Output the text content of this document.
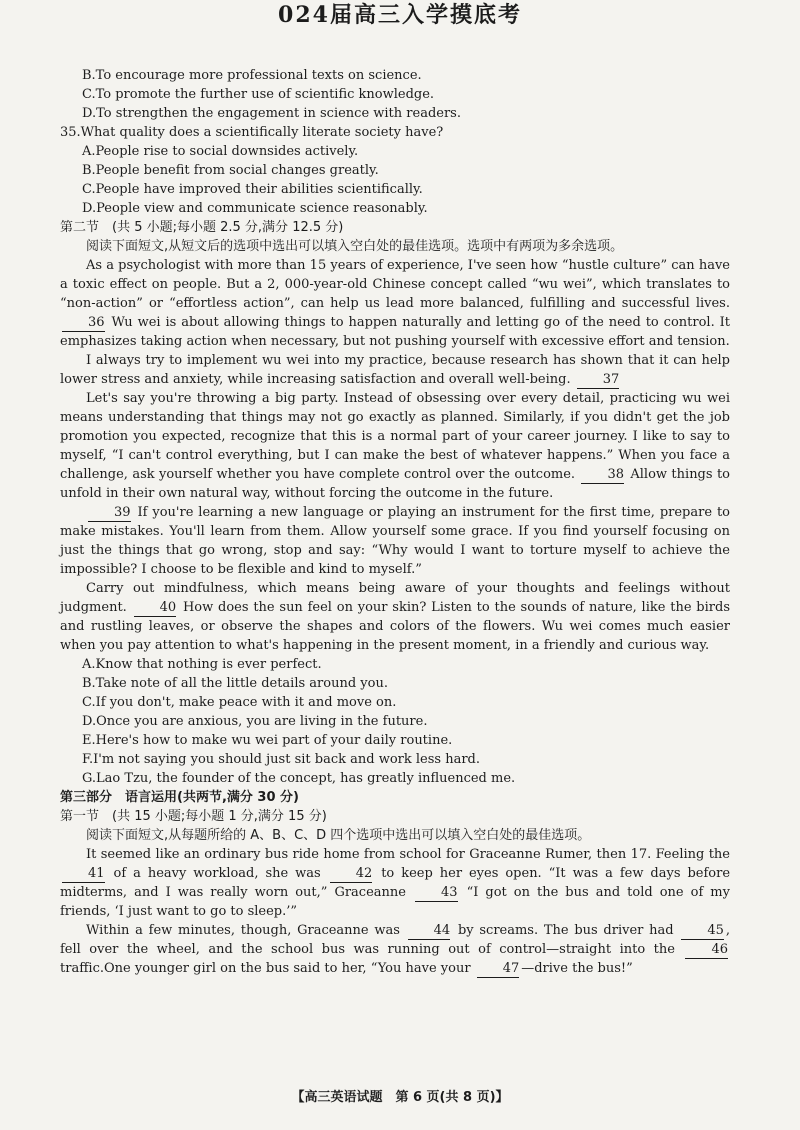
024届高三入学摸底考

B.To encourage more professional texts on science.

C.To promote the further use of scientific knowledge.

D.To strengthen the engagement in science with readers.

35.What quality does a scientifically literate society have?

A.People rise to social downsides actively.

B.People benefit from social changes greatly.

C.People have improved their abilities scientifically.

D.People view and communicate science reasonably.

第二节　(共 5 小题;每小题 2.5 分,满分 12.5 分)

阅读下面短文,从短文后的选项中选出可以填入空白处的最佳选项。选项中有两项为多余选项。

As a psychologist with more than 15 years of experience, I've seen how “hustle culture” can have a toxic effect on people. But a 2, 000-year-old Chinese concept called “wu wei”, which translates to “non-action” or “effortless action”, can help us lead more balanced, fulfilling and successful lives. 36 Wu wei is about allowing things to happen naturally and letting go of the need to control. It emphasizes taking action when necessary, but not pushing yourself with excessive effort and tension.

I always try to implement wu wei into my practice, because research has shown that it can help lower stress and anxiety, while increasing satisfaction and overall well-being. 37

Let's say you're throwing a big party. Instead of obsessing over every detail, practicing wu wei means understanding that things may not go exactly as planned. Similarly, if you didn't get the job promotion you expected, recognize that this is a normal part of your career journey. I like to say to myself, “I can't control everything, but I can make the best of whatever happens.” When you face a challenge, ask yourself whether you have complete control over the outcome. 38 Allow things to unfold in their own natural way, without forcing the outcome in the future.

39 If you're learning a new language or playing an instrument for the first time, prepare to make mistakes. You'll learn from them. Allow yourself some grace. If you find yourself focusing on just the things that go wrong, stop and say: “Why would I want to torture myself to achieve the impossible? I choose to be flexible and kind to myself.”

Carry out mindfulness, which means being aware of your thoughts and feelings without judgment.	40 How does the sun feel on your skin? Listen to the sounds of nature, like the birds and rustling leaves, or observe the shapes and colors of the flowers. Wu wei comes much easier when you pay attention to what's happening in the present moment, in a friendly and curious way.

A.Know that nothing is ever perfect.

B.Take note of all the little details around you.

C.If you don't, make peace with it and move on.

D.Once you are anxious, you are living in the future.

E.Here's how to make wu wei part of your daily routine.

F.I'm not saying you should just sit back and work less hard.

G.Lao Tzu, the founder of the concept, has greatly influenced me.

第三部分　语言运用(共两节,满分 30 分)

第一节　(共 15 小题;每小题 1 分,满分 15 分)

阅读下面短文,从每题所给的 A、B、C、D 四个选项中选出可以填入空白处的最佳选项。

It seemed like an ordinary bus ride home from school for Graceanne Rumer, then 17. Feeling the 41 of a heavy workload, she was	42 to keep her eyes open. “It was a few days before midterms, and I was really worn out,” Graceanne	43 “I got on the bus and told one of my friends, ‘I just want to go to sleep.’”

Within a few minutes, though, Graceanne was	44 by screams. The bus driver had	45 , fell over the wheel, and the school bus was running out of control—straight into the	46 traffic.One younger girl on the bus said to her, “You have your 47 —drive the bus!”

【高三英语试题　第 6 页(共 8 页)】
